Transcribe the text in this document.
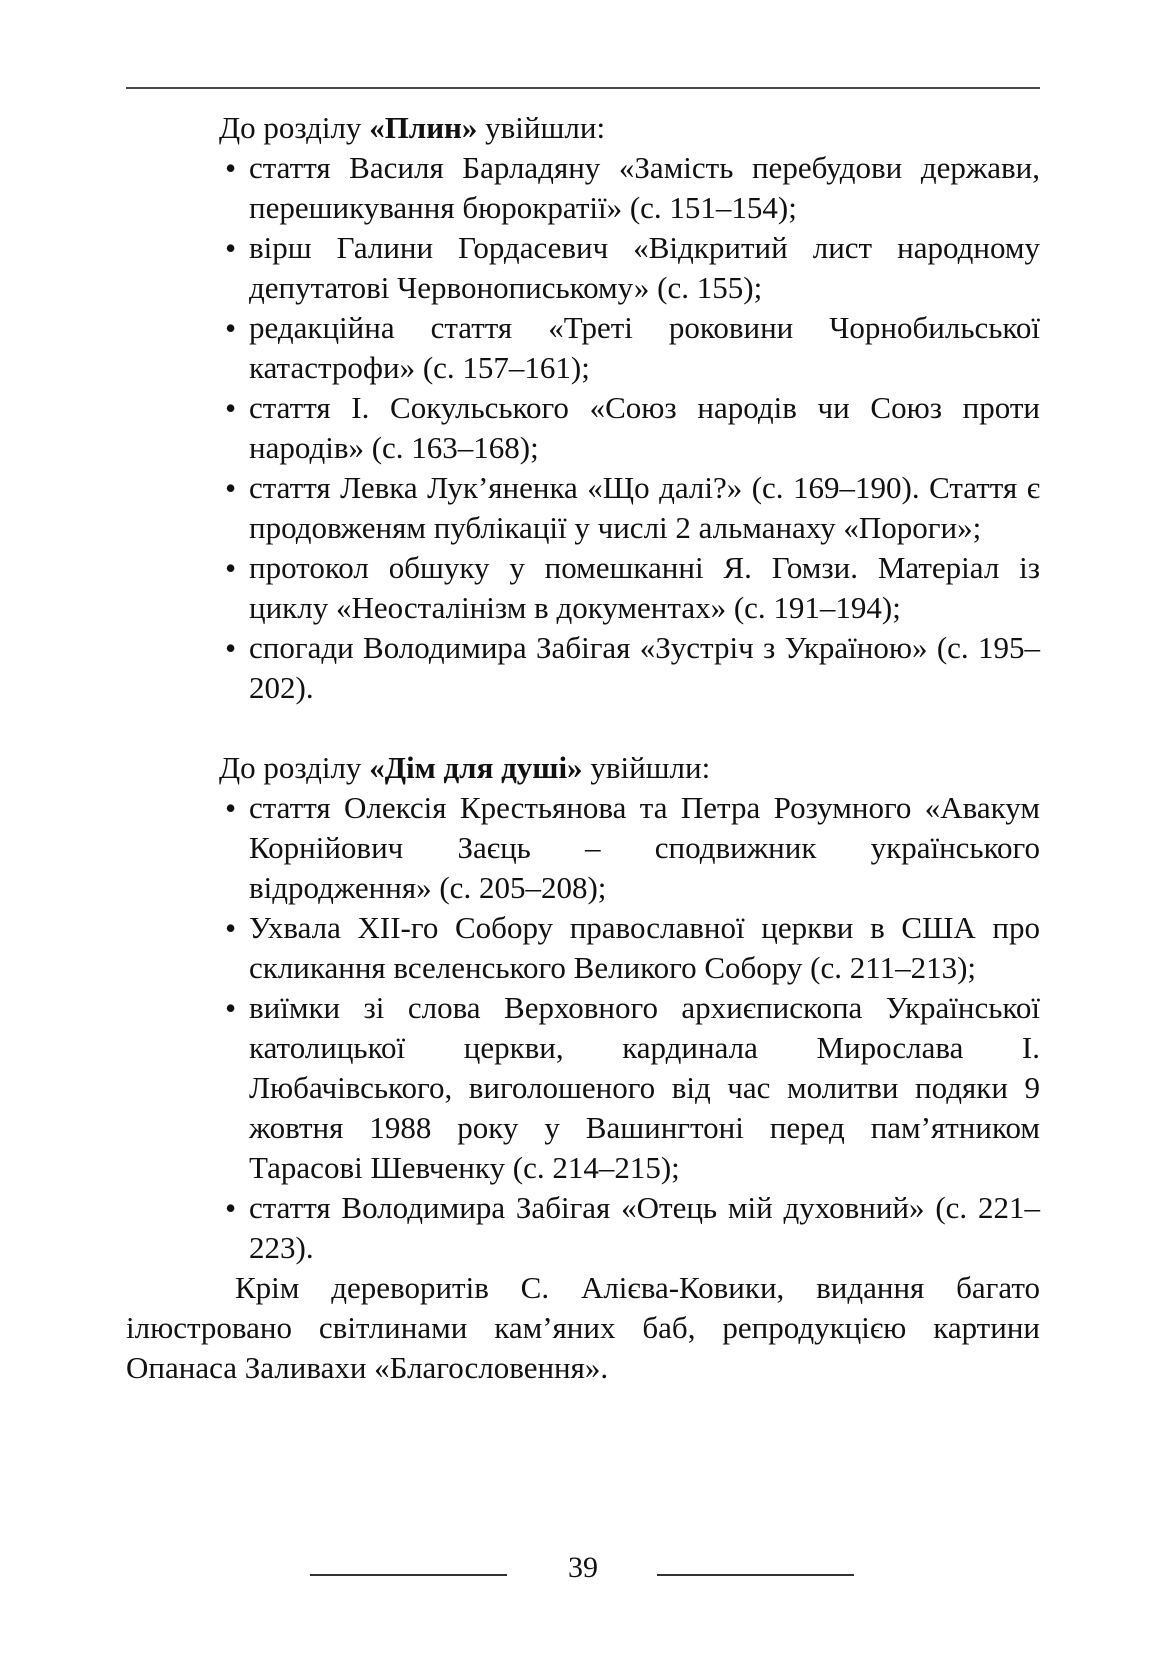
До розділу «Плин» увійшли:

• стаття Василя Барладяну «Замість перебудови держави, перешикування бюрократії» (с. 151–154);
• вірш Галини Гордасевич «Відкритий лист народному депутатові Червонопиському» (с. 155);
• редакційна стаття «Треті роковини Чорнобильської катастрофи» (с. 157–161);
• стаття І. Сокульського «Союз народів чи Союз проти народів» (с. 163–168);
• стаття Левка Лук’яненка «Що далі?» (с. 169–190). Стаття є продовженям публікації у числі 2 альманаху «Пороги»;
• протокол обшуку у помешканні Я. Гомзи. Матеріал із циклу «Неосталінізм в документах» (с. 191–194);
• спогади Володимира Забігая «Зустріч з Україною» (с. 195–202).

До розділу «Дім для душі» увійшли:

• стаття Олексія Крестьянова та Петра Розумного «Авакум Корнійович Заєць – сподвижник українського відродження» (с. 205–208);
• Ухвала XII-го Собору православної церкви в США про скликання вселенського Великого Собору (с. 211–213);
• виїмки зі слова Верховного архиєпископа Української католицької церкви, кардинала Мирослава І. Любачівського, виголошеного від час молитви подяки 9 жовтня 1988 року у Вашингтоні перед пам’ятником Тарасові Шевченку (с. 214–215);
• стаття Володимира Забігая «Отець мій духовний» (с. 221–223).

Крім дереворитів С. Алієва-Ковики, видання багато ілюстровано світлинами кам’яних баб, репродукцією картини Опанаса Заливахи «Благословення».

39
